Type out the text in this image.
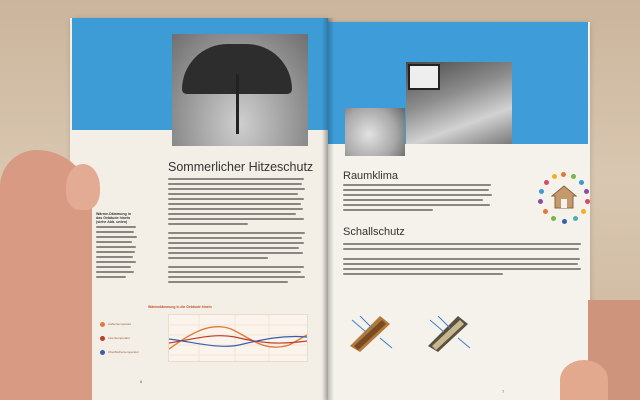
Sommerlicher Hitzeschutz
Wärme-Dämmung in das Gebäude hinein (siehe Abb. unten)
Wärmedämmung in die Gebäude hinein
Außentemperatur
Innentemperatur
Oberflächentemperatur
6
Raumklima
Schallschutz
7
